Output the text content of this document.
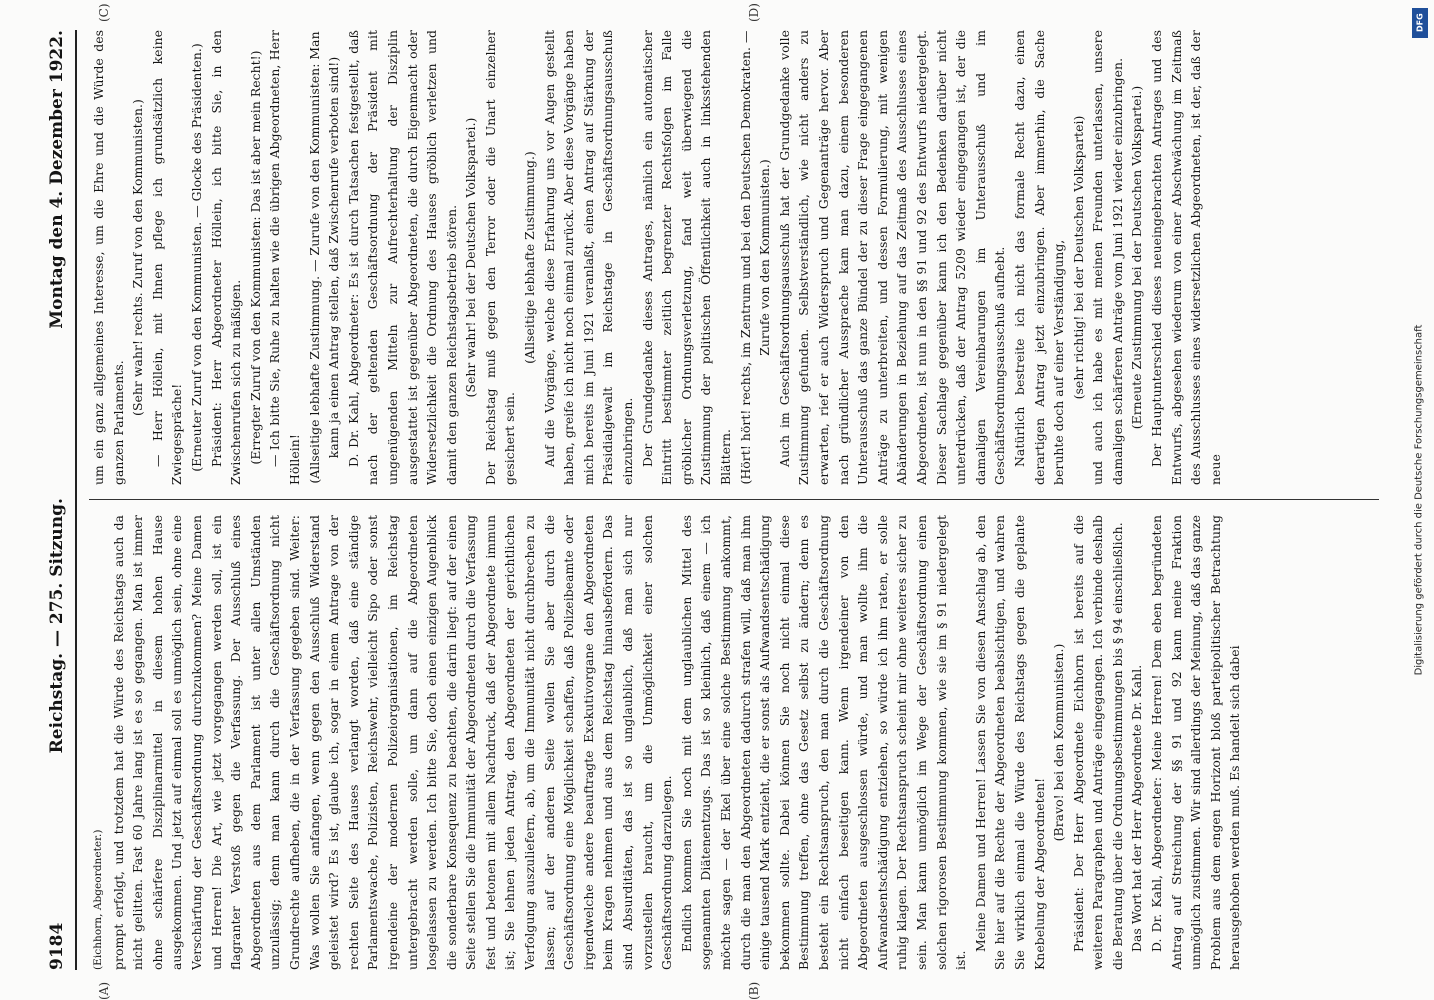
9184
Reichstag. — 275. Sitzung.
Montag den 4. Dezember 1922.

(Eichhorn, Abgeordneter.) prompt erfolgt, und trotzdem hat die Würde des Reichstags auch da nicht gelitten. Fast 60 Jahre lang ist es so gegangen. Man ist immer ohne schärfere Disziplinarmittel in diesem hohen Hause ausgekommen. Und jetzt auf einmal soll es unmöglich sein, ohne eine Verschärfung der Geschäftsordnung durchzukommen? Meine Damen und Herren! Die Art, wie jetzt vorgegangen werden soll, ist ein flagranter Verstoß gegen die Verfassung. Der Ausschluß eines Abgeordneten aus dem Parlament ist unter allen Umständen unzulässig; denn man kann durch die Geschäftsordnung nicht Grundrechte aufheben, die in der Verfassung gegeben sind. Weiter: Was wollen Sie anfangen, wenn gegen den Ausschluß Widerstand geleistet wird? Es ist, glaube ich, sogar in einem Antrage von der rechten Seite des Hauses verlangt worden, daß eine ständige Parlamentswache, Polizisten, Reichswehr, vielleicht Sipo oder sonst irgendeine der modernen Polizeiorganisationen, im Reichstag untergebracht werden solle, um dann auf die Abgeordneten losgelassen zu werden. Ich bitte Sie, doch einen einzigen Augenblick die sonderbare Konsequenz zu beachten, die darin liegt: auf der einen Seite stellen Sie die Immunität der Abgeordneten durch die Verfassung fest und betonen mit allem Nachdruck, daß der Abgeordnete immun ist; Sie lehnen jeden Antrag, den Abgeordneten der gerichtlichen Verfolgung auszuliefern, ab, um die Immunität nicht durchbrechen zu lassen; auf der anderen Seite wollen Sie aber durch die Geschäftsordnung eine Möglichkeit schaffen, daß Polizeibeamte oder irgendwelche andere beauftragte Exekutivorgane den Abgeordneten beim Kragen nehmen und aus dem Reichstag hinausbefördern. Das sind Absurditäten, das ist so unglaublich, daß man sich nur vorzustellen braucht, um die Unmöglichkeit einer solchen Geschäftsordnung darzulegen. Endlich kommen Sie noch mit dem unglaublichen Mittel des sogenannten Diätenentzugs. Das ist so kleinlich, daß einem — ich möchte sagen — der Ekel über eine solche Bestimmung ankommt, durch die man den Abgeordneten dadurch strafen will, daß man ihm einige tausend Mark entzieht, die er sonst als Aufwandsentschädigung bekommen sollte. Dabei können Sie noch nicht einmal diese Bestimmung treffen, ohne das Gesetz selbst zu ändern; denn es besteht ein Rechtsanspruch, den man durch die Geschäftsordnung nicht einfach beseitigen kann. Wenn irgendeiner von den Abgeordneten ausgeschlossen würde, und man wollte ihm die Aufwandsentschädigung entziehen, so würde ich ihm raten, er solle ruhig klagen. Der Rechtsanspruch scheint mir ohne weiteres sicher zu sein. Man kann unmöglich im Wege der Geschäftsordnung einen solchen rigorosen Bestimmung kommen, wie sie im § 91 niedergelegt ist.

Meine Damen und Herren! Lassen Sie von diesen Anschlag ab, den Sie hier auf die Rechte der Abgeordneten beabsichtigen, und wahren Sie wirklich einmal die Würde des Reichstags gegen die geplante Knebelung der Abgeordneten!

(Bravo! bei den Kommunisten.) Präsident: Der Herr Abgeordnete Eichhorn ist bereits auf die weiteren Paragraphen und Anträge eingegangen. Ich verbinde deshalb die Beratung über die Ordnungsbestimmungen bis § 94 einschließlich. Das Wort hat der Herr Abgeordnete Dr. Kahl. D. Dr. Kahl, Abgeordneter: Meine Herren! Dem eben begründeten Antrag auf Streichung der §§ 91 und 92 kann meine Fraktion unmöglich zustimmen. Wir sind allerdings der Meinung, daß das ganze Problem aus dem engen Horizont bloß parteipolitischer Betrachtung herausgehoben werden muß. Es handelt sich dabei

um ein ganz allgemeines Interesse, um die Ehre und die Würde des ganzen Parlaments.

(Sehr wahr! rechts. Zuruf von den Kommunisten.) — Herr Höllein, mit Ihnen pflege ich grundsätzlich keine Zwiegespräche! (Erneuter Zuruf von den Kommunisten. — Glocke des Präsidenten.) Präsident: Herr Abgeordneter Höllein, ich bitte Sie, in den Zwischenrufen sich zu mäßigen. (Erregter Zuruf von den Kommunisten: Das ist aber mein Recht!) — Ich bitte Sie, Ruhe zu halten wie die übrigen Abgeordneten, Herr Höllein! (Allseitige lebhafte Zustimmung. — Zurufe von den Kommunisten: Man kann ja einen Antrag stellen, daß Zwischenrufe verboten sind!) D. Dr. Kahl, Abgeordneter: Es ist durch Tatsachen festgestellt, daß nach der geltenden Geschäftsordnung der Präsident mit ungenügenden Mitteln zur Aufrechterhaltung der Disziplin ausgestattet ist gegenüber Abgeordneten, die durch Eigenmacht oder Widersetzlichkeit die Ordnung des Hauses gröblich verletzen und damit den ganzen Reichstagsbetrieb stören. (Sehr wahr! bei der Deutschen Volkspartei.) Der Reichstag muß gegen den Terror oder die Unart einzelner gesichert sein.

(Allseitige lebhafte Zustimmung.) Auf die Vorgänge, welche diese Erfahrung uns vor Augen gestellt haben, greife ich nicht noch einmal zurück. Aber diese Vorgänge haben mich bereits im Juni 1921 veranlaßt, einen Antrag auf Stärkung der Präsidialgewalt im Reichstage in Geschäftsordnungsausschuß einzubringen. Der Grundgedanke dieses Antrages, nämlich ein automatischer Eintritt bestimmter zeitlich begrenzter Rechtsfolgen im Falle gröblicher Ordnungsverletzung, fand weit überwiegend die Zustimmung der politischen Öffentlichkeit auch in linksstehenden Blättern. (Hört! hört! rechts, im Zentrum und bei den Deutschen Demokraten. — Zurufe von den Kommunisten.) Auch im Geschäftsordnungsausschuß hat der Grundgedanke volle Zustimmung gefunden. Selbstverständlich, wie nicht anders zu erwarten, rief er auch Widerspruch und Gegenanträge hervor. Aber nach gründlicher Aussprache kam man dazu, einem besonderen Unterausschuß das ganze Bündel der zu dieser Frage eingegangenen Anträge zu unterbreiten, und dessen Formulierung, mit wenigen Abänderungen in Beziehung auf das Zeitmaß des Ausschlusses eines Abgeordneten, ist nun in den §§ 91 und 92 des Entwurfs niedergelegt. Dieser Sachlage gegenüber kann ich den Bedenken darüber nicht unterdrücken, daß der Antrag 5209 wieder eingegangen ist, der die damaligen Vereinbarungen im Unterausschuß und im Geschäftsordnungsausschuß aufhebt. Natürlich bestreite ich nicht das formale Recht dazu, einen derartigen Antrag jetzt einzubringen. Aber immerhin, die Sache beruhte doch auf einer Verständigung, (sehr richtig! bei der Deutschen Volkspartei) und auch ich habe es mit meinen Freunden unterlassen, unsere damaligen schärferen Anträge vom Juni 1921 wieder einzubringen. (Erneute Zustimmung bei der Deutschen Volkspartei.) Der Hauptunterschied dieses neueingebrachten Antrages und des Entwurfs, abgesehen wiederum von einer Abschwächung im Zeitmaß des Ausschlusses eines widersetzlichen Abgeordneten, ist der, daß der neue

(A)	(B)
(C)	(D)
DFG
Digitalisierung gefördert durch die Deutsche Forschungsgemeinschaft
